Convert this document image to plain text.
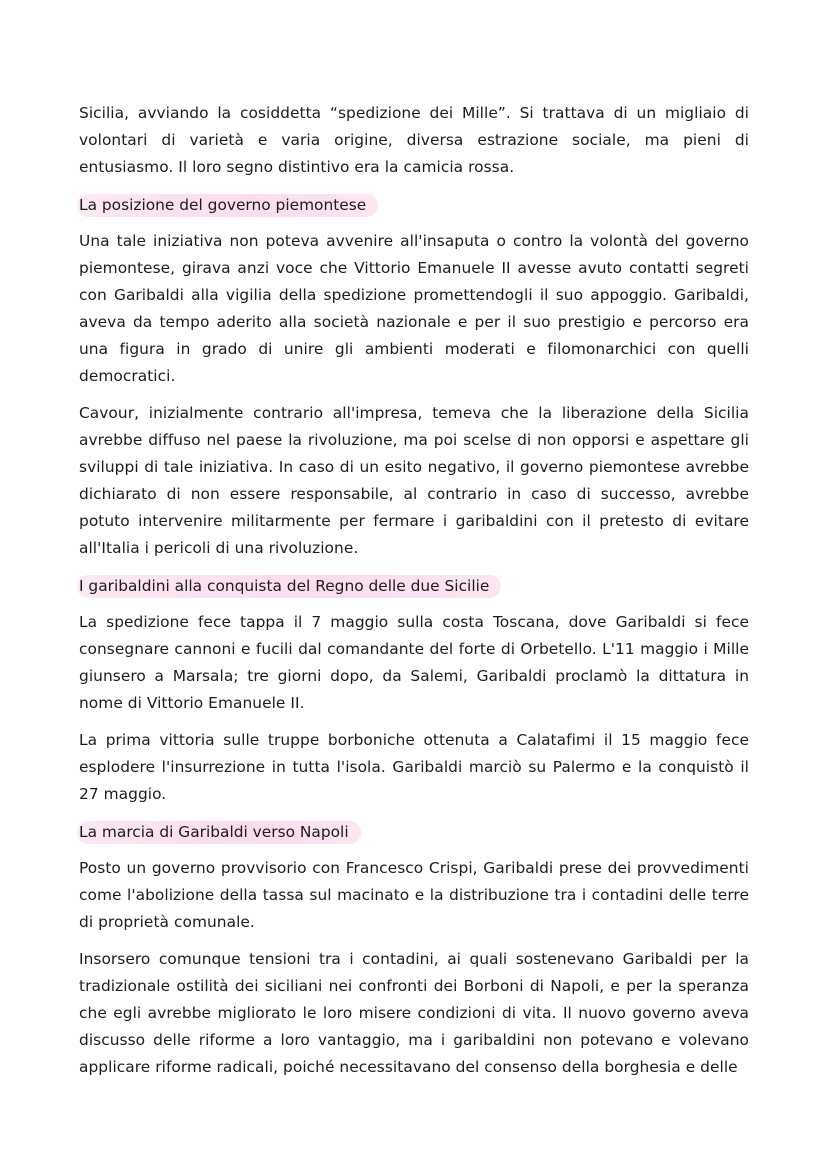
Sicilia, avviando la cosiddetta “spedizione dei Mille”. Si trattava di un migliaio di volontari di varietà e varia origine, diversa estrazione sociale, ma pieni di entusiasmo. Il loro segno distintivo era la camicia rossa.

La posizione del governo piemontese

Una tale iniziativa non poteva avvenire all'insaputa o contro la volontà del governo piemontese, girava anzi voce che Vittorio Emanuele II avesse avuto contatti segreti con Garibaldi alla vigilia della spedizione promettendogli il suo appoggio. Garibaldi, aveva da tempo aderito alla società nazionale e per il suo prestigio e percorso era una figura in grado di unire gli ambienti moderati e filomonarchici con quelli democratici.

Cavour, inizialmente contrario all'impresa, temeva che la liberazione della Sicilia avrebbe diffuso nel paese la rivoluzione, ma poi scelse di non opporsi e aspettare gli sviluppi di tale iniziativa. In caso di un esito negativo, il governo piemontese avrebbe dichiarato di non essere responsabile, al contrario in caso di successo, avrebbe potuto intervenire militarmente per fermare i garibaldini con il pretesto di evitare all'Italia i pericoli di una rivoluzione.

I garibaldini alla conquista del Regno delle due Sicilie

La spedizione fece tappa il 7 maggio sulla costa Toscana, dove Garibaldi si fece consegnare cannoni e fucili dal comandante del forte di Orbetello. L'11 maggio i Mille giunsero a Marsala; tre giorni dopo, da Salemi, Garibaldi proclamò la dittatura in nome di Vittorio Emanuele II.

La prima vittoria sulle truppe borboniche ottenuta a Calatafimi il 15 maggio fece esplodere l'insurrezione in tutta l'isola. Garibaldi marciò su Palermo e la conquistò il 27 maggio.

La marcia di Garibaldi verso Napoli

Posto un governo provvisorio con Francesco Crispi, Garibaldi prese dei provvedimenti come l'abolizione della tassa sul macinato e la distribuzione tra i contadini delle terre di proprietà comunale.

Insorsero comunque tensioni tra i contadini, ai quali sostenevano Garibaldi per la tradizionale ostilità dei siciliani nei confronti dei Borboni di Napoli, e per la speranza che egli avrebbe migliorato le loro misere condizioni di vita. Il nuovo governo aveva discusso delle riforme a loro vantaggio, ma i garibaldini non potevano e volevano applicare riforme radicali, poiché necessitavano del consenso della borghesia e delle
